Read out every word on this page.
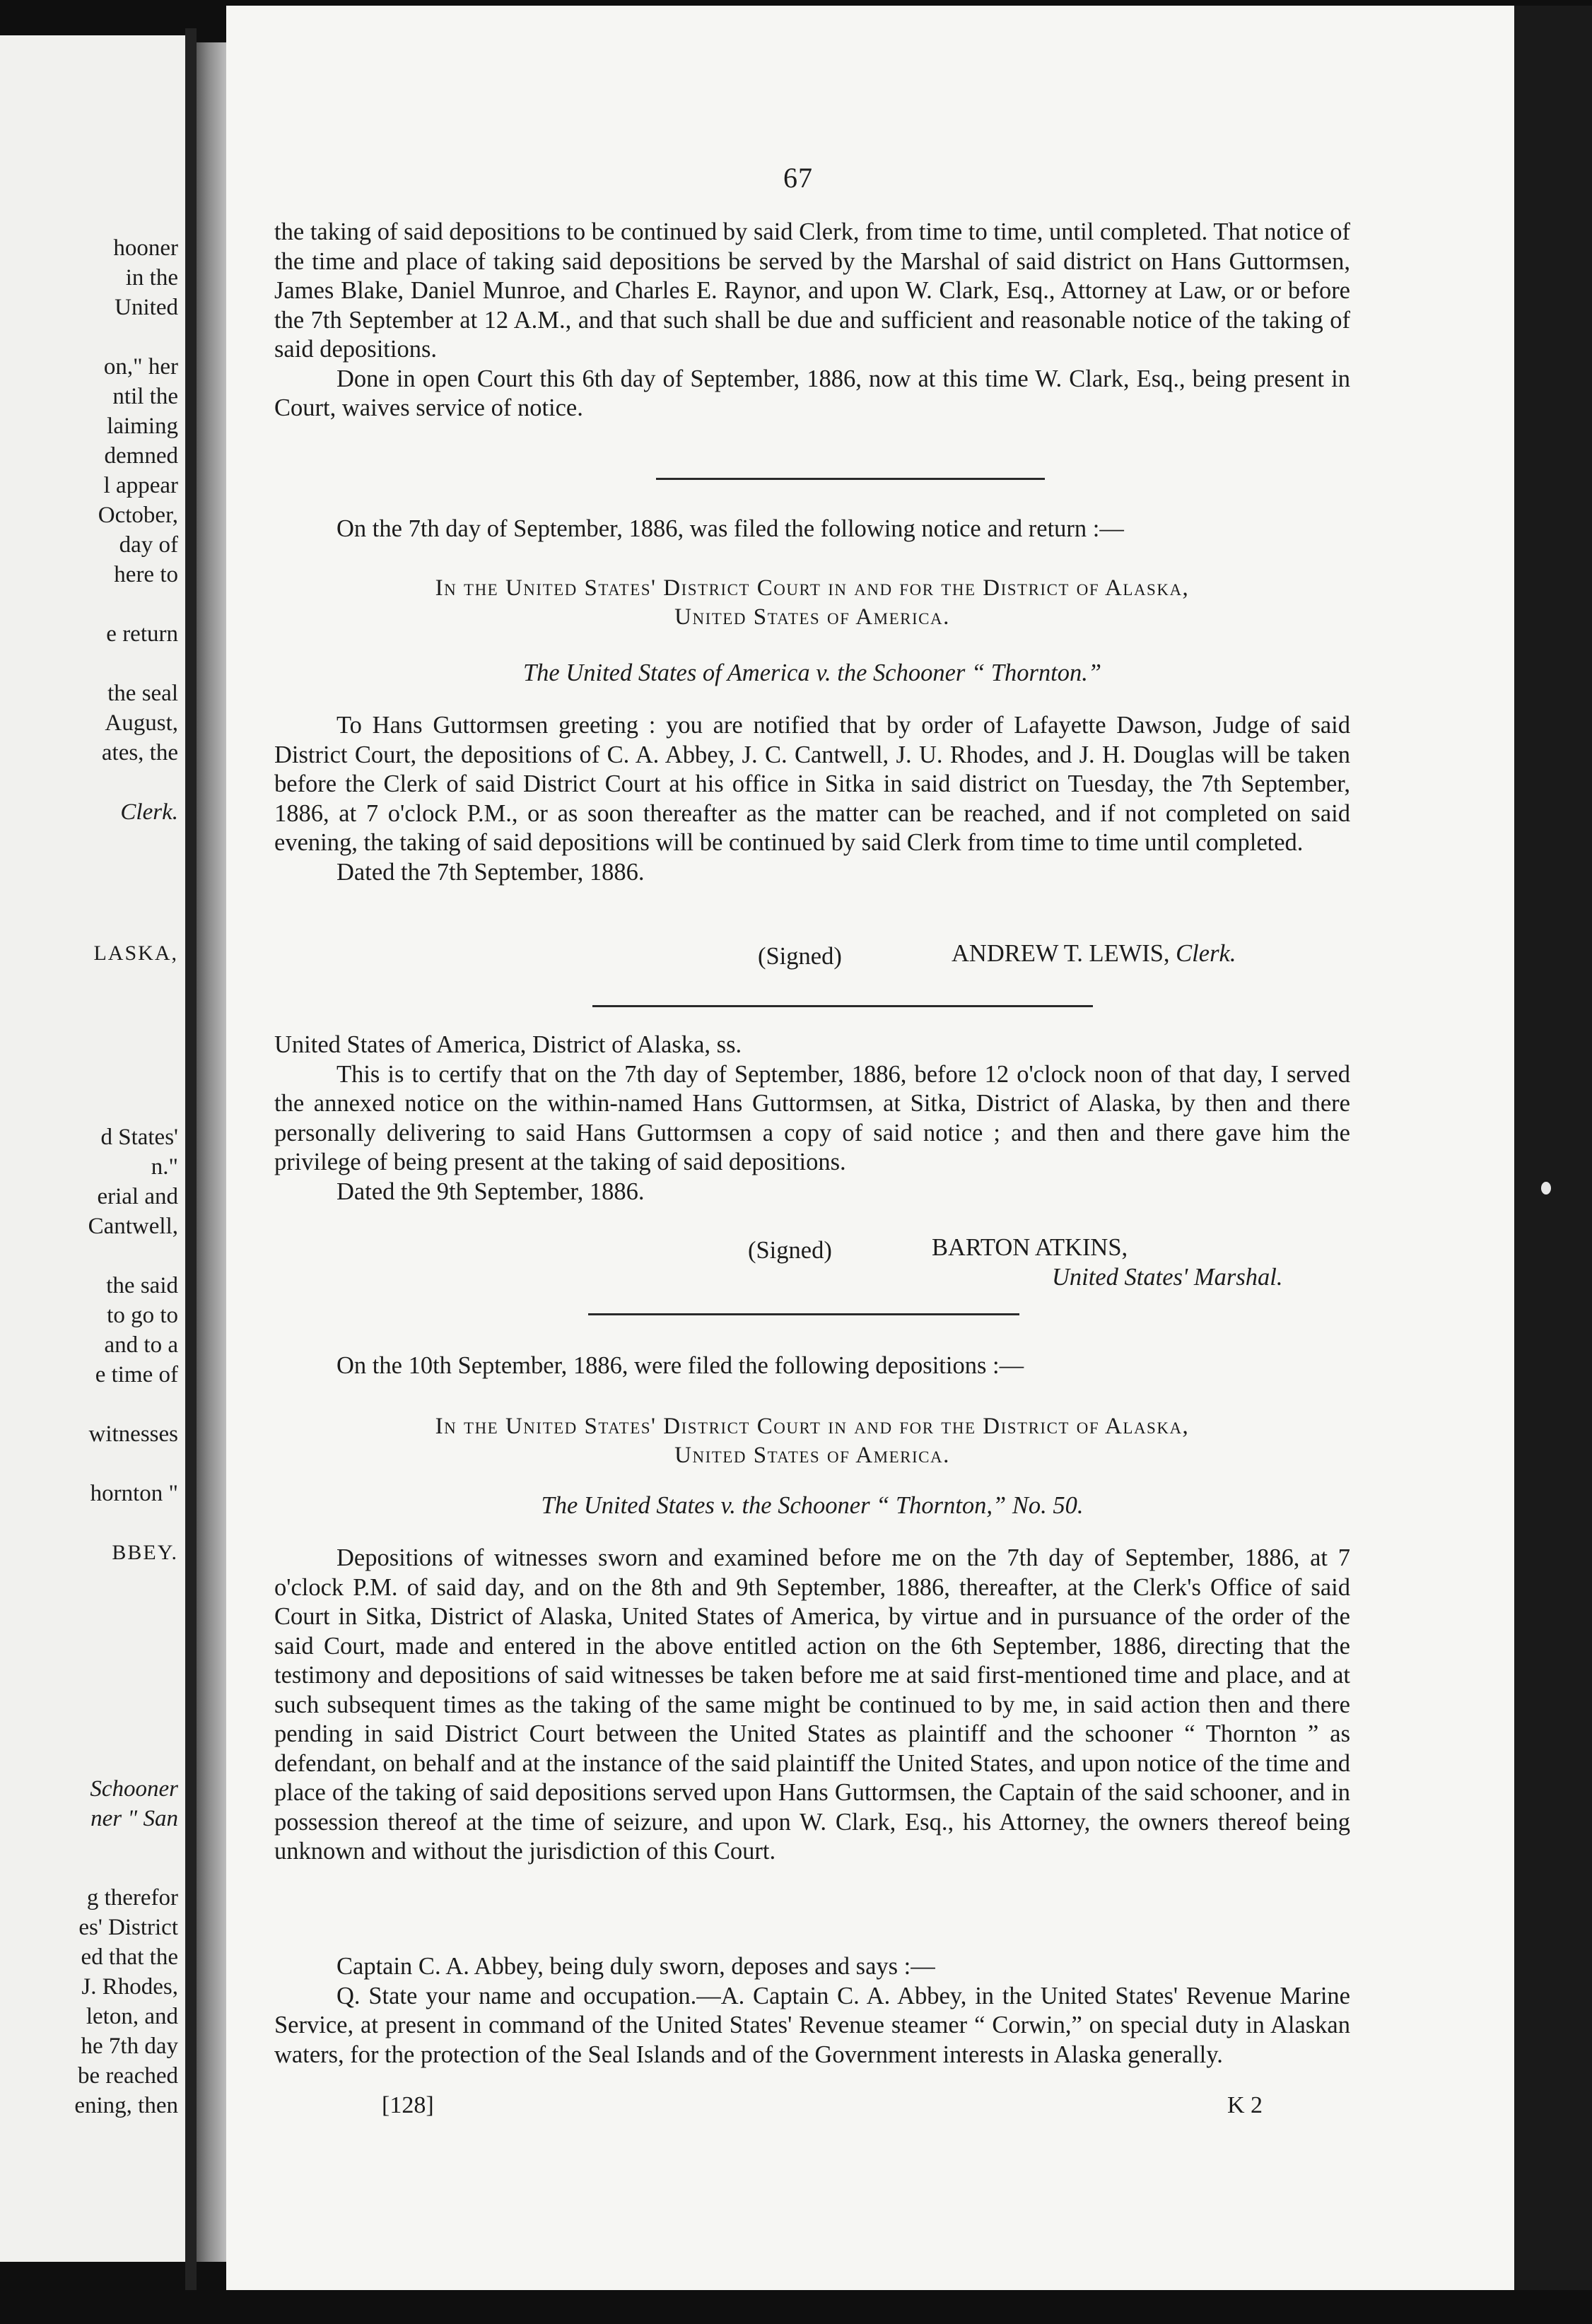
hooner
in the
United
on," her
ntil the
laiming
demned
l appear
October,
day of
here to
e return
the seal
August,
ates, the
Clerk.
LASKA,
d States'
n."
erial and
Cantwell,
the said
to go to
and to a
e time of
witnesses
hornton "
BBEY.
Schooner
ner " San
g therefor
es' District
ed that the
J. Rhodes,
leton, and
he 7th day
be reached
ening, then
67

the taking of said depositions to be continued by said Clerk, from time to time, until completed. That notice of the time and place of taking said depositions be served by the Marshal of said district on Hans Guttormsen, James Blake, Daniel Munroe, and Charles E. Raynor, and upon W. Clark, Esq., Attorney at Law, or or before the 7th September at 12 A.M., and that such shall be due and sufficient and reasonable notice of the taking of said depositions.

Done in open Court this 6th day of September, 1886, now at this time W. Clark, Esq., being present in Court, waives service of notice.

On the 7th day of September, 1886, was filed the following notice and return :—

In the United States' District Court in and for the District of Alaska,
United States of America.
The United States of America v. the Schooner “ Thornton.”

To Hans Guttormsen greeting : you are notified that by order of Lafayette Dawson, Judge of said District Court, the depositions of C. A. Abbey, J. C. Cantwell, J. U. Rhodes, and J. H. Douglas will be taken before the Clerk of said District Court at his office in Sitka in said district on Tuesday, the 7th September, 1886, at 7 o'clock P.M., or as soon thereafter as the matter can be reached, and if not completed on said evening, the taking of said depositions will be continued by said Clerk from time to time until completed.

Dated the 7th September, 1886.

(Signed)	ANDREW T. LEWIS, Clerk.

United States of America, District of Alaska, ss.

This is to certify that on the 7th day of September, 1886, before 12 o'clock noon of that day, I served the annexed notice on the within-named Hans Guttormsen, at Sitka, District of Alaska, by then and there personally delivering to said Hans Guttormsen a copy of said notice ; and then and there gave him the privilege of being present at the taking of said depositions.

Dated the 9th September, 1886.

(Signed)	BARTON ATKINS,
United States' Marshal.

On the 10th September, 1886, were filed the following depositions :—

In the United States' District Court in and for the District of Alaska,
United States of America.
The United States v. the Schooner “ Thornton,” No. 50.

Depositions of witnesses sworn and examined before me on the 7th day of September, 1886, at 7 o'clock P.M. of said day, and on the 8th and 9th September, 1886, thereafter, at the Clerk's Office of said Court in Sitka, District of Alaska, United States of America, by virtue and in pursuance of the order of the said Court, made and entered in the above entitled action on the 6th September, 1886, directing that the testimony and depositions of said witnesses be taken before me at said first-mentioned time and place, and at such subsequent times as the taking of the same might be continued to by me, in said action then and there pending in said District Court between the United States as plaintiff and the schooner “ Thornton ” as defendant, on behalf and at the instance of the said plaintiff the United States, and upon notice of the time and place of the taking of said depositions served upon Hans Guttormsen, the Captain of the said schooner, and in possession thereof at the time of seizure, and upon W. Clark, Esq., his Attorney, the owners thereof being unknown and without the jurisdiction of this Court.

Captain C. A. Abbey, being duly sworn, deposes and says :—

Q. State your name and occupation.—A. Captain C. A. Abbey, in the United States' Revenue Marine Service, at present in command of the United States' Revenue steamer “ Corwin,” on special duty in Alaskan waters, for the protection of the Seal Islands and of the Government interests in Alaska generally.

[128]	K 2
